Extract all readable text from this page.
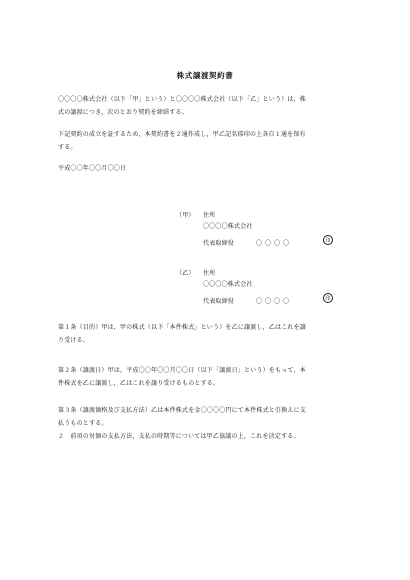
株式譲渡契約書

〇〇〇〇株式会社（以下「甲」という）と〇〇〇〇株式会社（以下「乙」という）は，株
式の譲渡につき，次のとおり契約を締結する。

下記契約の成立を証するため，本契約書を２通作成し，甲乙記名捺印の上各自１通を保有
する。

平成〇〇年〇〇月〇〇日
（甲） 住所
〇〇〇〇株式会社
代表取締役	〇〇〇〇	印
（乙） 住所
〇〇〇〇株式会社
代表取締役	〇〇〇〇	印

第１条（目的）甲は，甲の株式（以下「本件株式」という）を乙に譲渡し，乙はこれを譲
り受ける。

第２条（譲渡日）甲は，平成〇〇年〇〇月〇〇日（以下「譲渡日」という）をもって，本
件株式を乙に譲渡し，乙はこれを譲り受けるものとする。

第３条（譲渡価格及び支払方法）乙は本件株式を金〇〇〇〇円にて本件株式と引換えに支
払うものとする。
２　前項の対価の支払方法，支払の時期等については甲乙協議の上，これを決定する。
